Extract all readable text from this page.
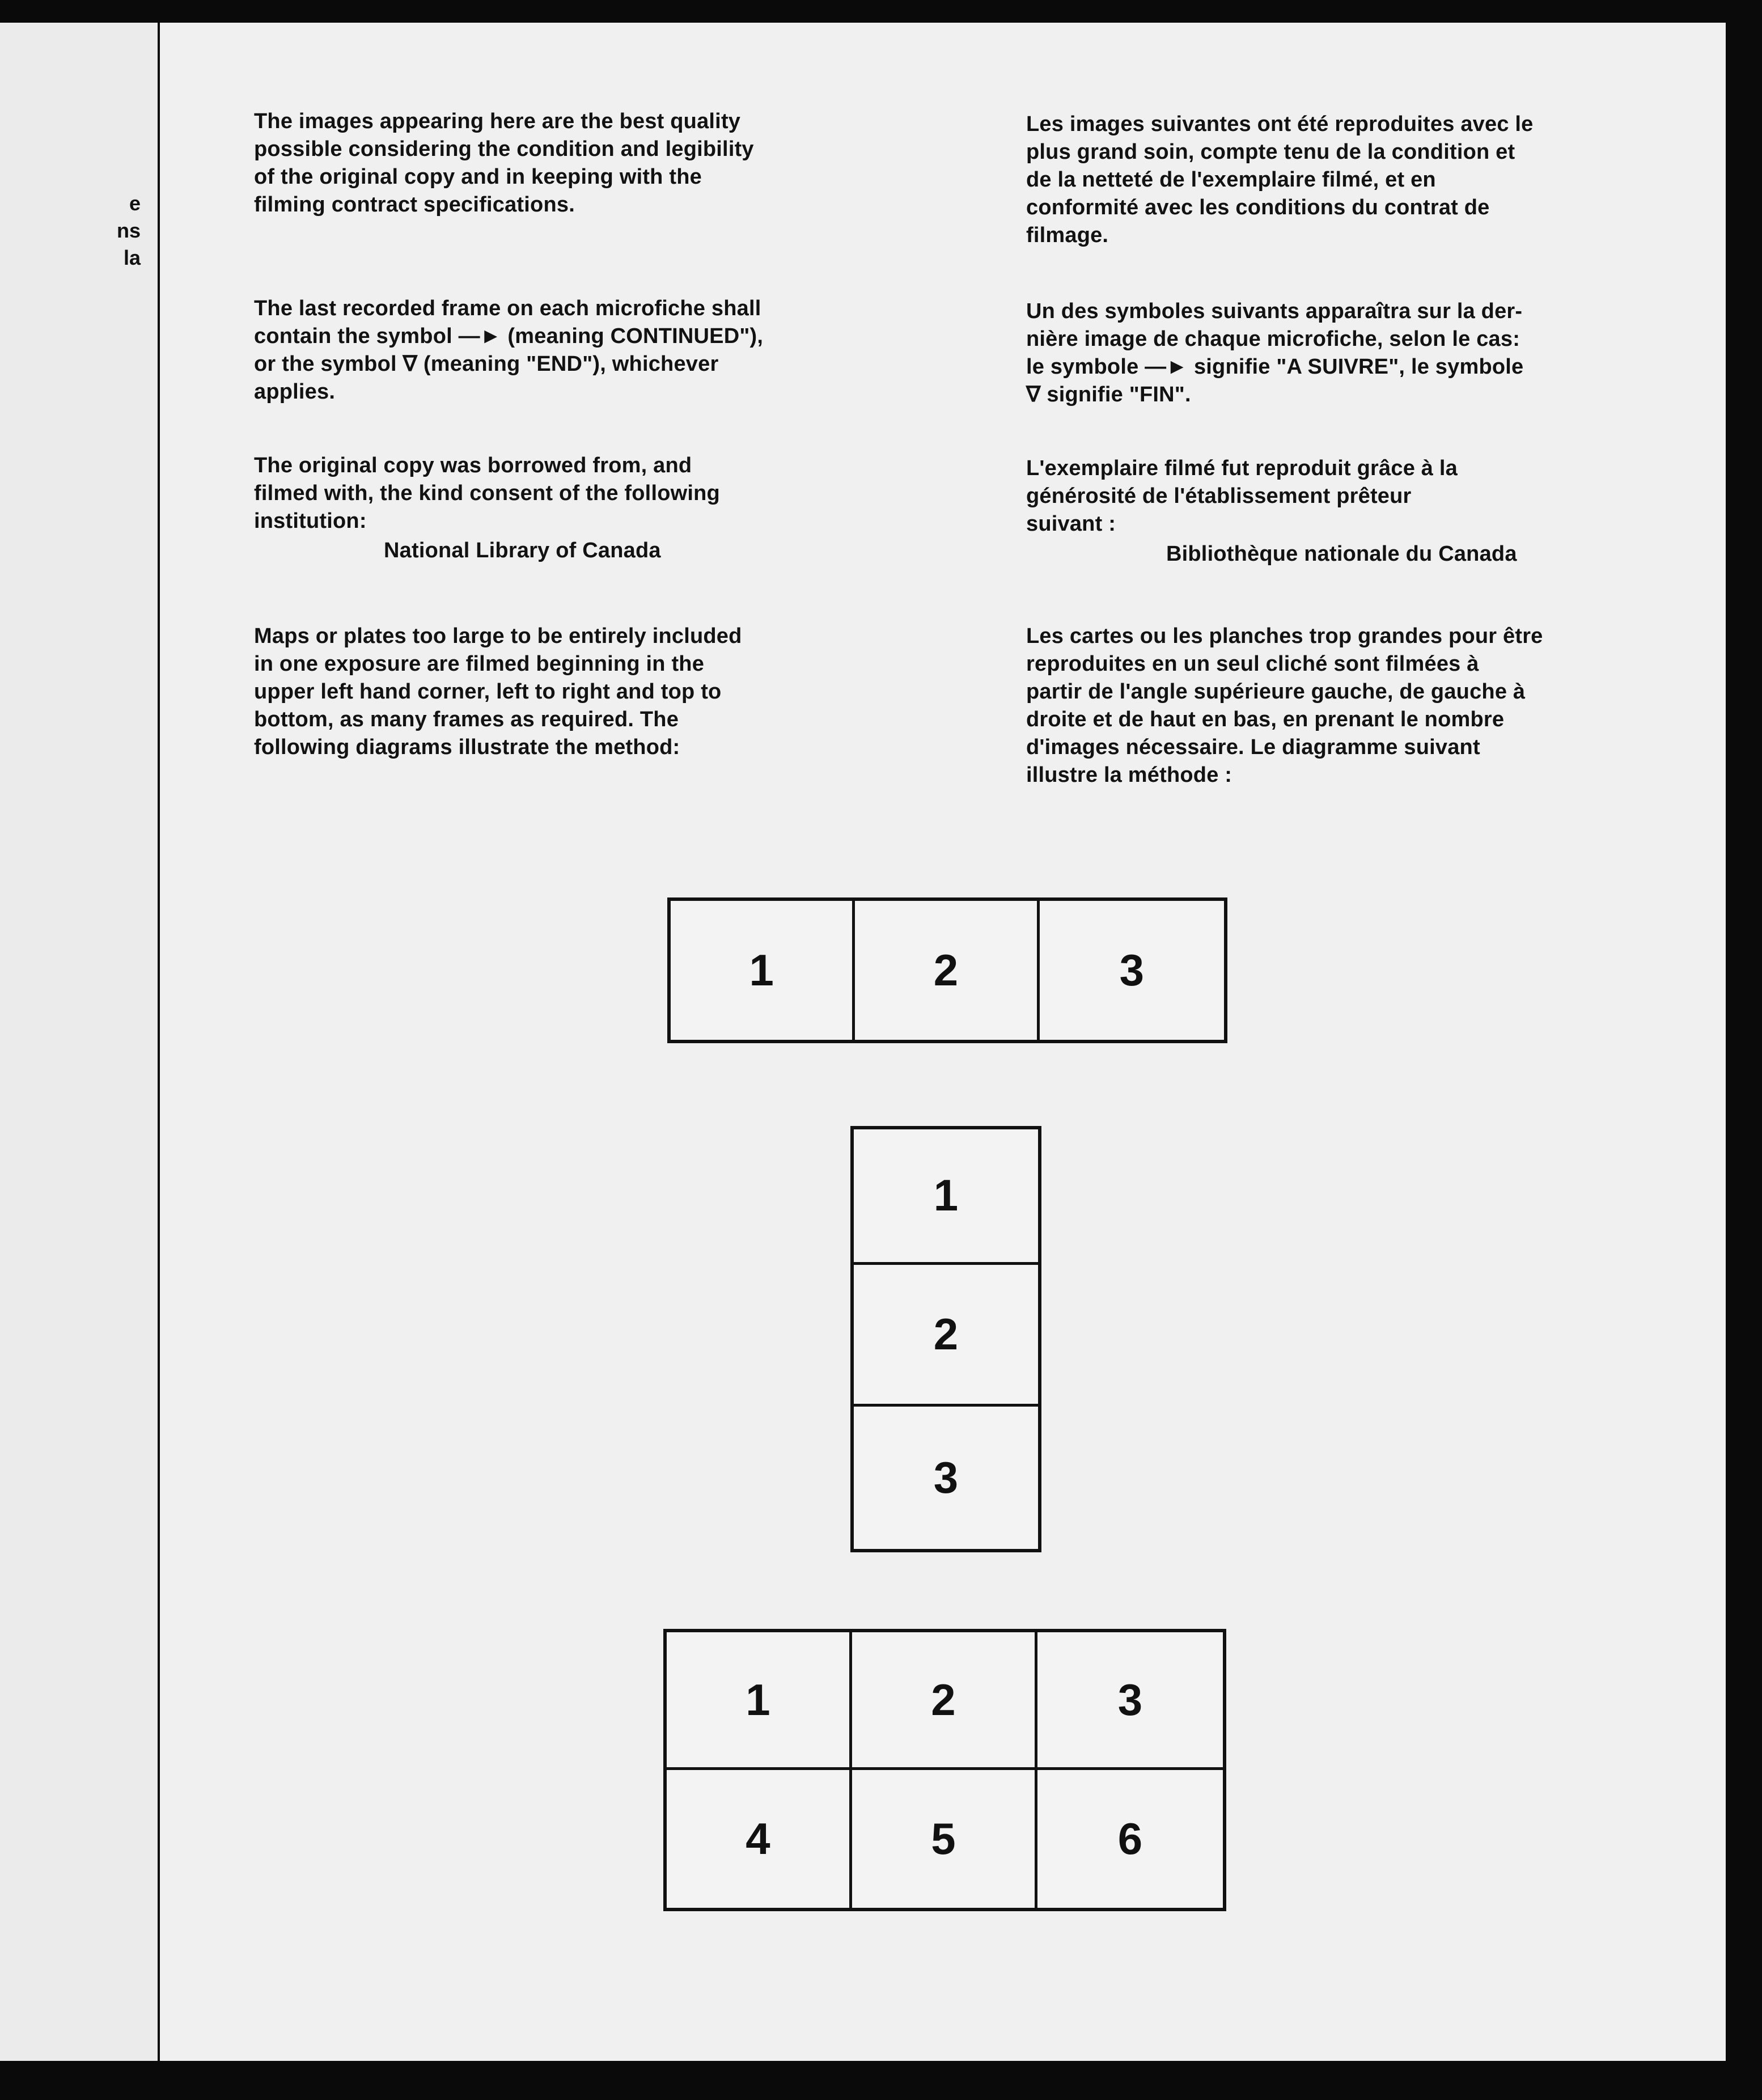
e
ns
la
The images appearing here are the best quality
possible considering the condition and legibility
of the original copy and in keeping with the
filming contract specifications.
The last recorded frame on each microfiche shall
contain the symbol —► (meaning CONTINUED"),
or the symbol ∇ (meaning "END"), whichever
applies.
The original copy was borrowed from, and
filmed with, the kind consent of the following
institution:
National Library of Canada
Maps or plates too large to be entirely included
in one exposure are filmed beginning in the
upper left hand corner, left to right and top to
bottom, as many frames as required. The
following diagrams illustrate the method:
Les images suivantes ont été reproduites avec le
plus grand soin, compte tenu de la condition et
de la netteté de l'exemplaire filmé, et en
conformité avec les conditions du contrat de
filmage.
Un des symboles suivants apparaîtra sur la der-
nière image de chaque microfiche, selon le cas:
le symbole —► signifie "A SUIVRE", le symbole
∇ signifie "FIN".
L'exemplaire filmé fut reproduit grâce à la
générosité de l'établissement prêteur
suivant :
Bibliothèque nationale du Canada
Les cartes ou les planches trop grandes pour être
reproduites en un seul cliché sont filmées à
partir de l'angle supérieure gauche, de gauche à
droite et de haut en bas, en prenant le nombre
d'images nécessaire. Le diagramme suivant
illustre la méthode :
1	2	3
1
2
3
1	2	3
4	5	6
